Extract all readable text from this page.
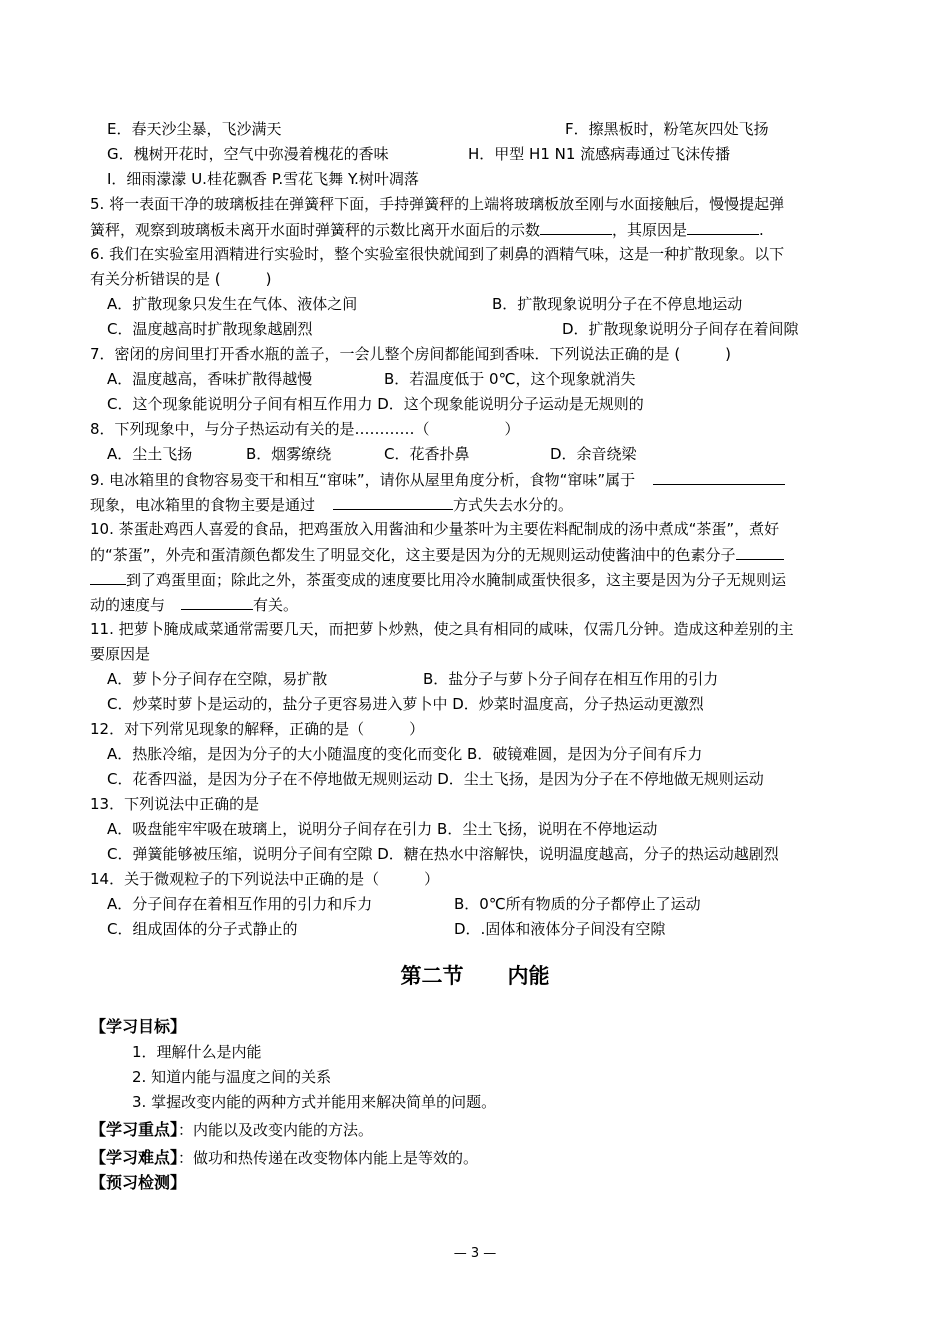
E．春天沙尘暴，飞沙满天	F．擦黑板时，粉笔灰四处飞扬
G．槐树开花时，空气中弥漫着槐花的香味	H．甲型 H1 N1 流感病毒通过飞沫传播
I．细雨濛濛 U.桂花飘香 P.雪花飞舞 Y.树叶凋落
5. 将一表面干净的玻璃板挂在弹簧秤下面，手持弹簧秤的上端将玻璃板放至刚与水面接触后，慢慢提起弹
簧秤，观察到玻璃板未离开水面时弹簧秤的示数比离开水面后的示数	，其原因是	.
6. 我们在实验室用酒精进行实验时，整个实验室很快就闻到了刺鼻的酒精气味，这是一种扩散现象。以下
有关分析错误的是 (　　　)
A．扩散现象只发生在气体、液体之间	B．扩散现象说明分子在不停息地运动
C．温度越高时扩散现象越剧烈	D．扩散现象说明分子间存在着间隙
7．密闭的房间里打开香水瓶的盖子，一会儿整个房间都能闻到香味．下列说法正确的是 (　　　)
A．温度越高，香味扩散得越慢	B．若温度低于 0℃，这个现象就消失
C．这个现象能说明分子间有相互作用力 D．这个现象能说明分子运动是无规则的
8．下列现象中，与分子热运动有关的是…………（　　　　　）
A．尘土飞扬	B．烟雾缭绕	C．花香扑鼻	D．余音绕梁
9. 电冰箱里的食物容易变干和相互“窜味”，请你从屋里角度分析，食物“窜味”属于
现象，电冰箱里的食物主要是通过	方式失去水分的。
10. 茶蛋赴鸡西人喜爱的食品，把鸡蛋放入用酱油和少量茶叶为主要佐料配制成的汤中煮成“茶蛋”，煮好
的“茶蛋”，外壳和蛋清颜色都发生了明显交化，这主要是因为分的无规则运动使酱油中的色素分子
到了鸡蛋里面；除此之外，茶蛋变成的速度要比用冷水腌制咸蛋快很多，这主要是因为分子无规则运
动的速度与	有关。
11. 把萝卜腌成咸菜通常需要几天，而把萝卜炒熟，使之具有相同的咸味，仅需几分钟。造成这种差别的主
要原因是
A．萝卜分子间存在空隙，易扩散	B．盐分子与萝卜分子间存在相互作用的引力
C．炒菜时萝卜是运动的，盐分子更容易进入萝卜中 D．炒菜时温度高，分子热运动更激烈
12．对下列常见现象的解释，正确的是（　　　）
A．热胀冷缩，是因为分子的大小随温度的变化而变化 B．破镜难圆，是因为分子间有斥力
C．花香四溢，是因为分子在不停地做无规则运动 D．尘土飞扬，是因为分子在不停地做无规则运动
13．下列说法中正确的是
A．吸盘能牢牢吸在玻璃上，说明分子间存在引力 B．尘土飞扬，说明在不停地运动
C．弹簧能够被压缩，说明分子间有空隙 D．糖在热水中溶解快，说明温度越高，分子的热运动越剧烈
14．关于微观粒子的下列说法中正确的是（　　　）
A．分子间存在着相互作用的引力和斥力	B．0℃所有物质的分子都停止了运动
C．组成固体的分子式静止的	D．.固体和液体分子间没有空隙
第二节 内能
【学习目标】
1．理解什么是内能
2. 知道内能与温度之间的关系
3. 掌握改变内能的两种方式并能用来解决简单的问题。
【学习重点】：内能以及改变内能的方法。
【学习难点】：做功和热传递在改变物体内能上是等效的。
【预习检测】
— 3 —
